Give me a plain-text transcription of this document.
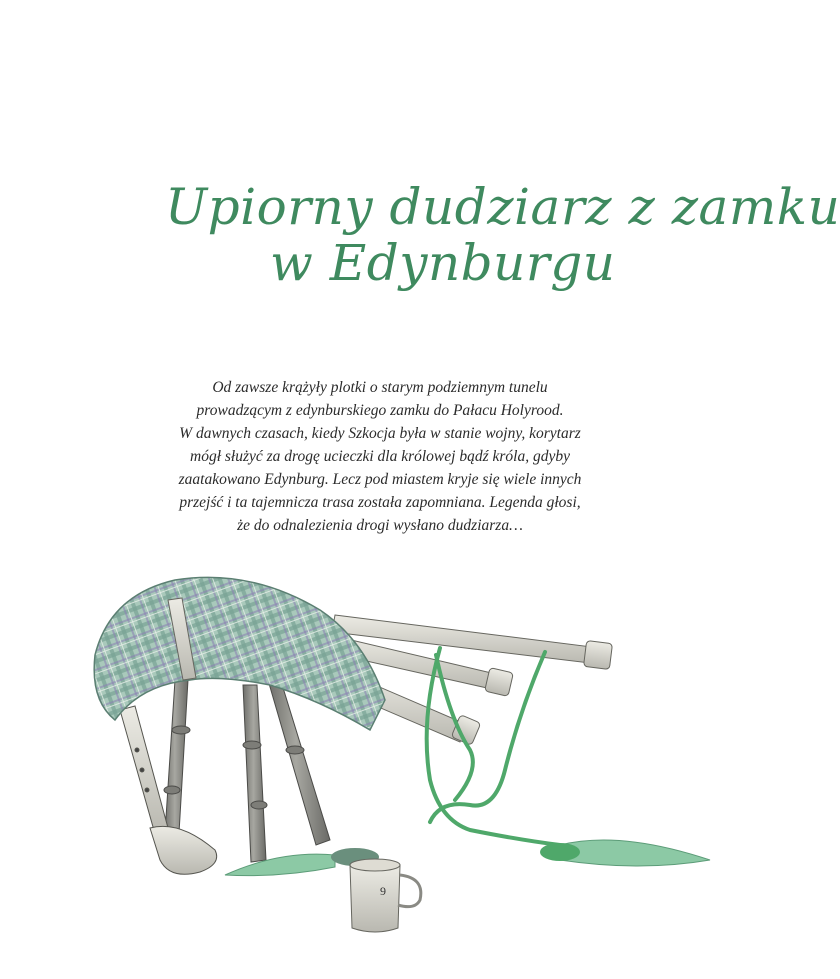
Upiorny dudziarz z zamku
w Edynburgu
Od zawsze krążyły plotki o starym podziemnym tunelu
prowadzącym z edynburskiego zamku do Pałacu Holyrood.
W dawnych czasach, kiedy Szkocja była w stanie wojny, korytarz
mógł służyć za drogę ucieczki dla królowej bądź króla, gdyby
zaatakowano Edynburg. Lecz pod miastem kryje się wiele innych
przejść i ta tajemnicza trasa została zapomniana. Legenda głosi,
że do odnalezienia drogi wysłano dudziarza…
9
